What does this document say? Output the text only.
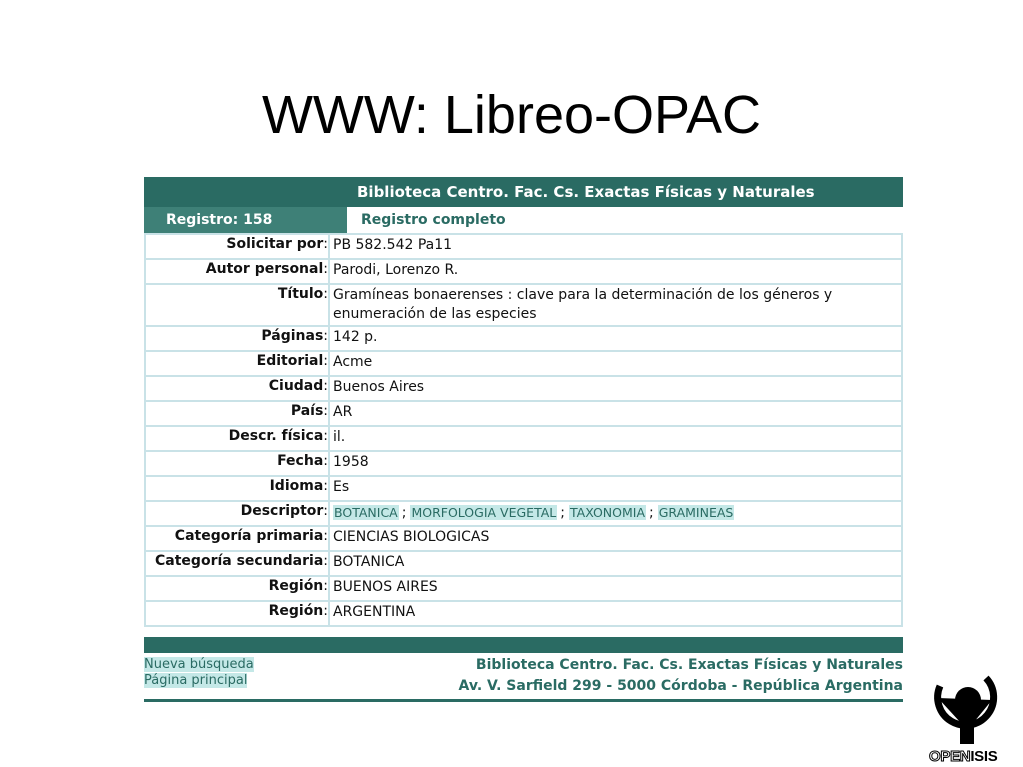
WWW: Libreo-OPAC
Biblioteca Centro. Fac. Cs. Exactas Físicas y Naturales
Registro: 158	Registro completo
Solicitar por:	PB 582.542 Pa11
Autor personal:	Parodi, Lorenzo R.
Título:	Gramíneas bonaerenses : clave para la determinación de los géneros y enumeración de las especies
Páginas:	142 p.
Editorial:	Acme
Ciudad:	Buenos Aires
País:	AR
Descr. física:	il.
Fecha:	1958
Idioma:	Es
Descriptor:	BOTANICA ; MORFOLOGIA VEGETAL ; TAXONOMIA ; GRAMINEAS
Categoría primaria:	CIENCIAS BIOLOGICAS
Categoría secundaria:	BOTANICA
Región:	BUENOS AIRES
Región:	ARGENTINA
Nueva búsqueda
Página principal
Biblioteca Centro. Fac. Cs. Exactas Físicas y Naturales
Av. V. Sarfield 299 - 5000 Córdoba - República Argentina
OPENISIS
